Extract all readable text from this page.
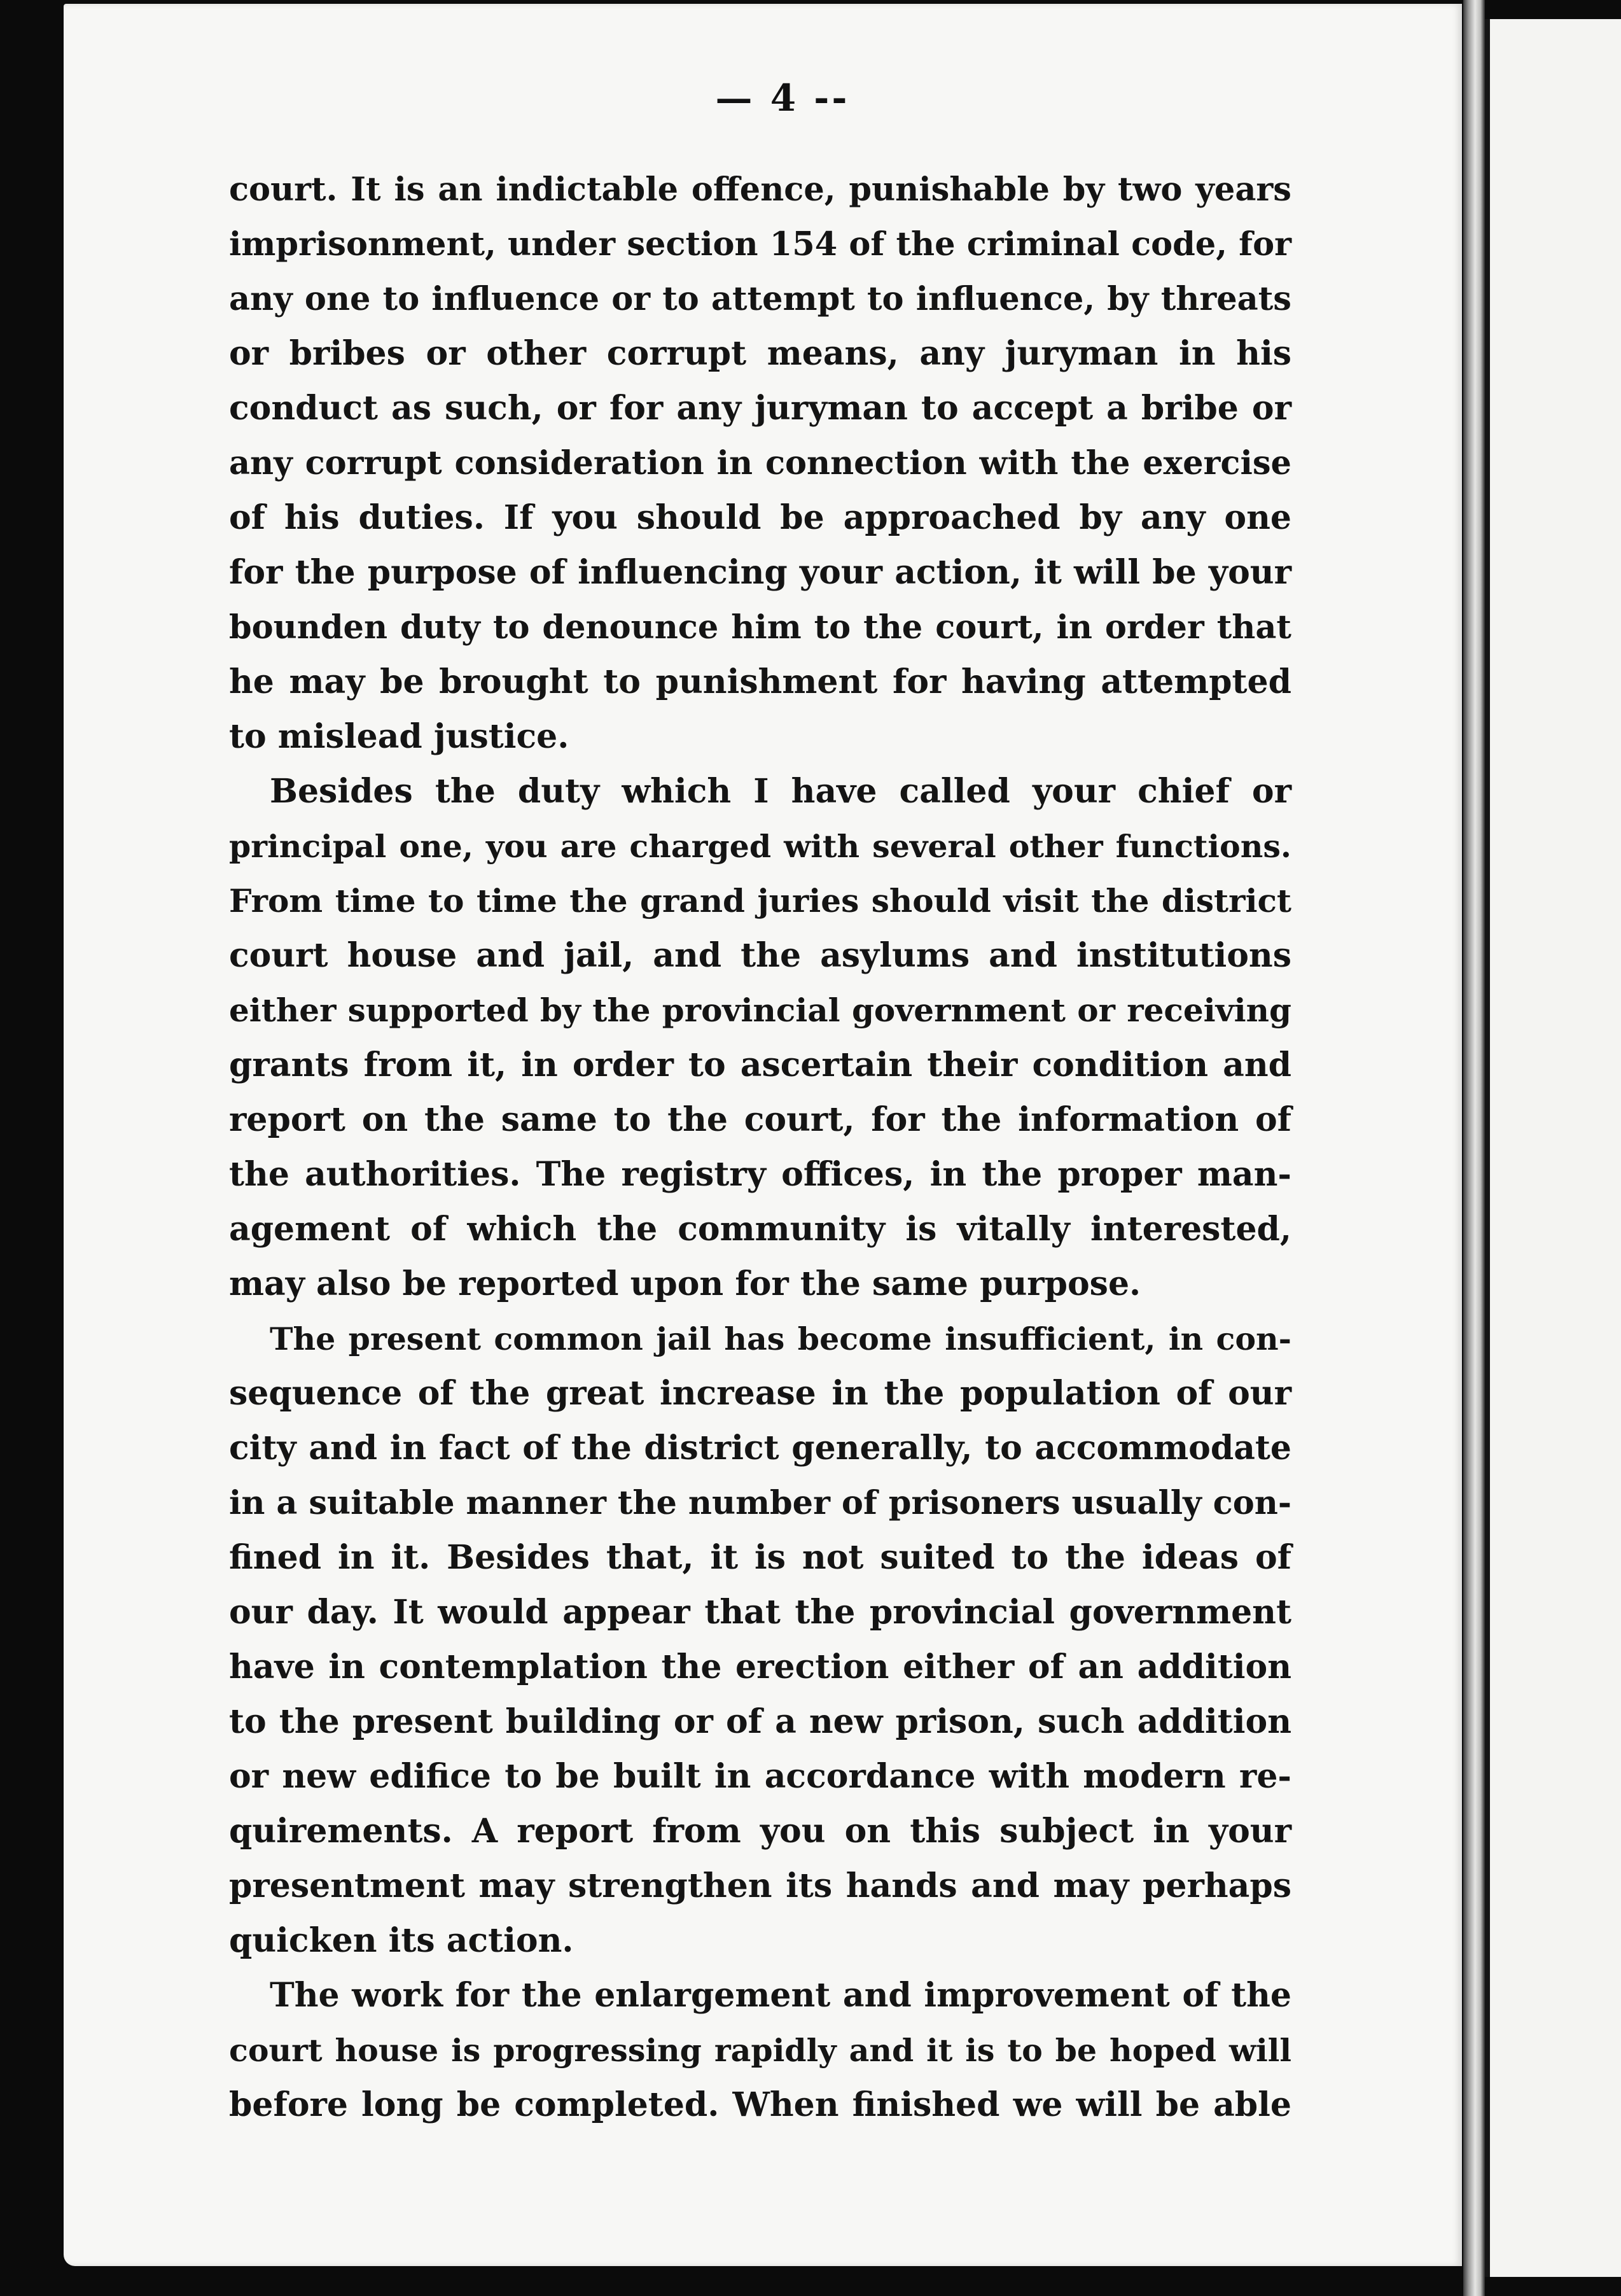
— 4 --
court. It is an indictable offence, punishable by two years
imprisonment, under section 154 of the criminal code, for
any one to influence or to attempt to influence, by threats
or bribes or other corrupt means, any juryman in his
conduct as such, or for any juryman to accept a bribe or
any corrupt consideration in connection with the exercise
of his duties. If you should be approached by any one
for the purpose of influencing your action, it will be your
bounden duty to denounce him to the court, in order that
he may be brought to punishment for having attempted
to mislead justice.
Besides the duty which I have called your chief or
principal one, you are charged with several other functions.
From time to time the grand juries should visit the district
court house and jail, and the asylums and institutions
either supported by the provincial government or receiving
grants from it, in order to ascertain their condition and
report on the same to the court, for the information of
the authorities. The registry offices, in the proper man-
agement of which the community is vitally interested,
may also be reported upon for the same purpose.
The present common jail has become insufficient, in con-
sequence of the great increase in the population of our
city and in fact of the district generally, to accommodate
in a suitable manner the number of prisoners usually con-
fined in it. Besides that, it is not suited to the ideas of
our day. It would appear that the provincial government
have in contemplation the erection either of an addition
to the present building or of a new prison, such addition
or new edifice to be built in accordance with modern re-
quirements. A report from you on this subject in your
presentment may strengthen its hands and may perhaps
quicken its action.
The work for the enlargement and improvement of the
court house is progressing rapidly and it is to be hoped will
before long be completed. When finished we will be able
